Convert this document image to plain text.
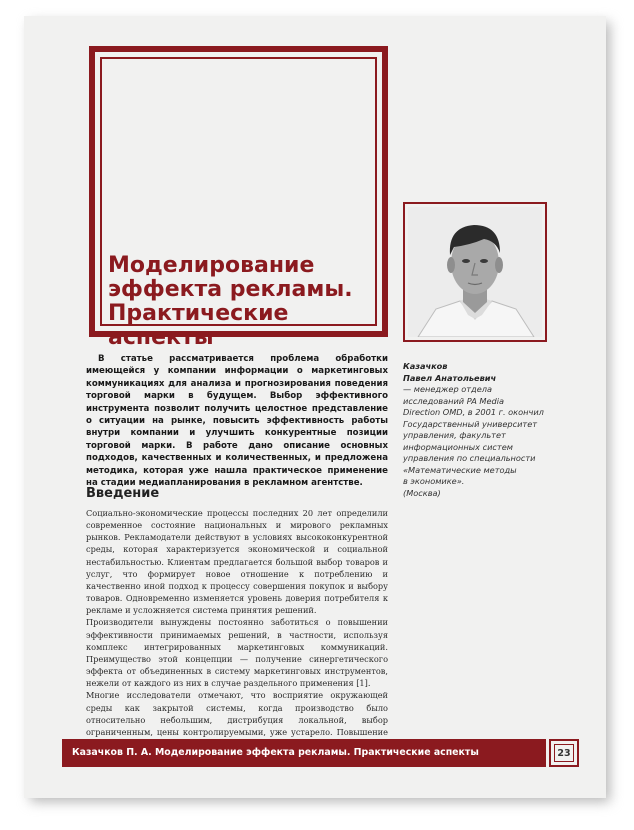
Моделирование
эффекта рекламы.
Практические аспекты

В статье рассматривается проблема обработки имеющейся у компании информации о маркетинговых коммуникациях для анализа и прогнозирования поведения торговой марки в будущем. Выбор эффективного инструмента позволит получить целостное представление о ситуации на рынке, повысить эффективность работы внутри компании и улучшить конкурентные позиции торговой марки. В работе дано описание основных подходов, качественных и количественных, и предложена методика, которая уже нашла практическое применение на стадии медиапланирования в рекламном агентстве.

Введение

Социально-экономические процессы последних 20 лет определили современное состояние национальных и мирового рекламных рынков. Рекламодатели действуют в условиях высококонкурентной среды, которая характеризуется экономической и социальной нестабильностью. Клиентам предлагается большой выбор товаров и услуг, что формирует новое отношение к потреблению и качественно иной подход к процессу совершения покупок и выбору товаров. Одновременно изменяется уровень доверия потребителя к рекламе и усложняется система принятия решений.

Производители вынуждены постоянно заботиться о повышении эффективности принимаемых решений, в частности, используя комплекс интегрированных маркетинговых коммуникаций. Преимущество этой концепции — получение синергетического эффекта от объединенных в систему маркетинговых инструментов, нежели от каждого из них в случае раздельного применения [1].

Многие исследователи отмечают, что восприятие окружающей среды как закрытой системы, когда производство было относительно небольшим, дистрибуция локальной, выбор ограниченным, цены контролируемыми, уже устарело. Повышение

Казачков
Павел Анатольевич
— менеджер отдела
исследований PA Media
Direction OMD, в 2001 г. окончил
Государственный университет
управления, факультет
информационных систем
управления по специальности
«Математические методы
в экономике».
(Москва)
Казачков П. А. Моделирование эффекта рекламы. Практические аспекты	23
